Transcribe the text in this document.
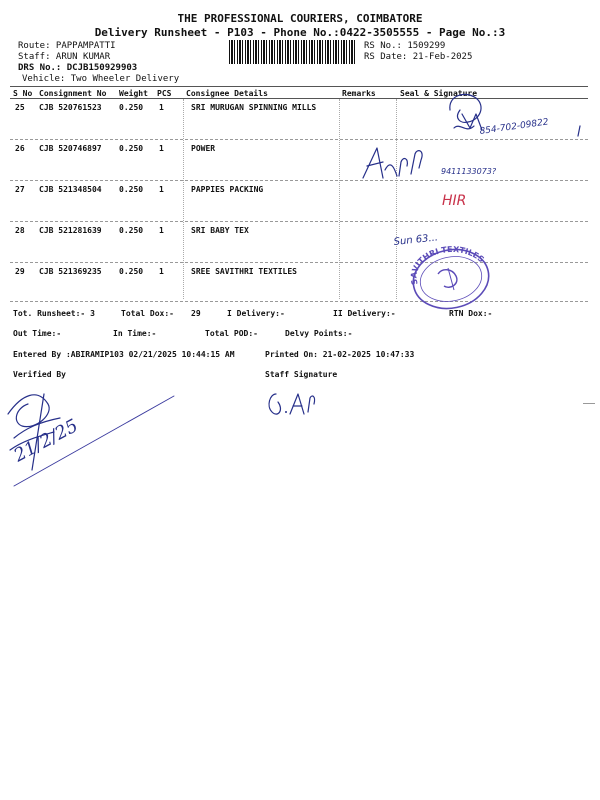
THE PROFESSIONAL COURIERS, COIMBATORE
Delivery Runsheet - P103 - Phone No.:0422-3505555 - Page No.:3
Route: PAPPAMPATTI
Staff: ARUN KUMAR
DRS No.: DCJB150929903
Vehicle: Two Wheeler Delivery
RS No.: 1509299
RS Date: 21-Feb-2025
S No Consignment No Weight PCS Consignee Details	Remarks	Seal & Signature
25 CJB 520761523 0.250 1	SRI MURUGAN SPINNING MILLS
26 CJB 520746897 0.250 1	POWER
27 CJB 521348504 0.250 1	PAPPIES PACKING
28 CJB 521281639 0.250 1	SRI BABY TEX
29 CJB 521369235 0.250 1	SREE SAVITHRI TEXTILES
Tot. Runsheet:- 3	Total Dox:- 29	I Delivery:-	II Delivery:-	RTN Dox:-
Out Time:-	In Time:-	Total POD:-	Delvy Points:-
Entered By :ABIRAMIP103 02/21/2025 10:44:15 AM	Printed On: 21-02-2025 10:47:33
Verified By	Staff Signature
854-702-09822
9411133073?
HIR
Sun 63...
SAVITHRI TEXTILES
21/2/25
